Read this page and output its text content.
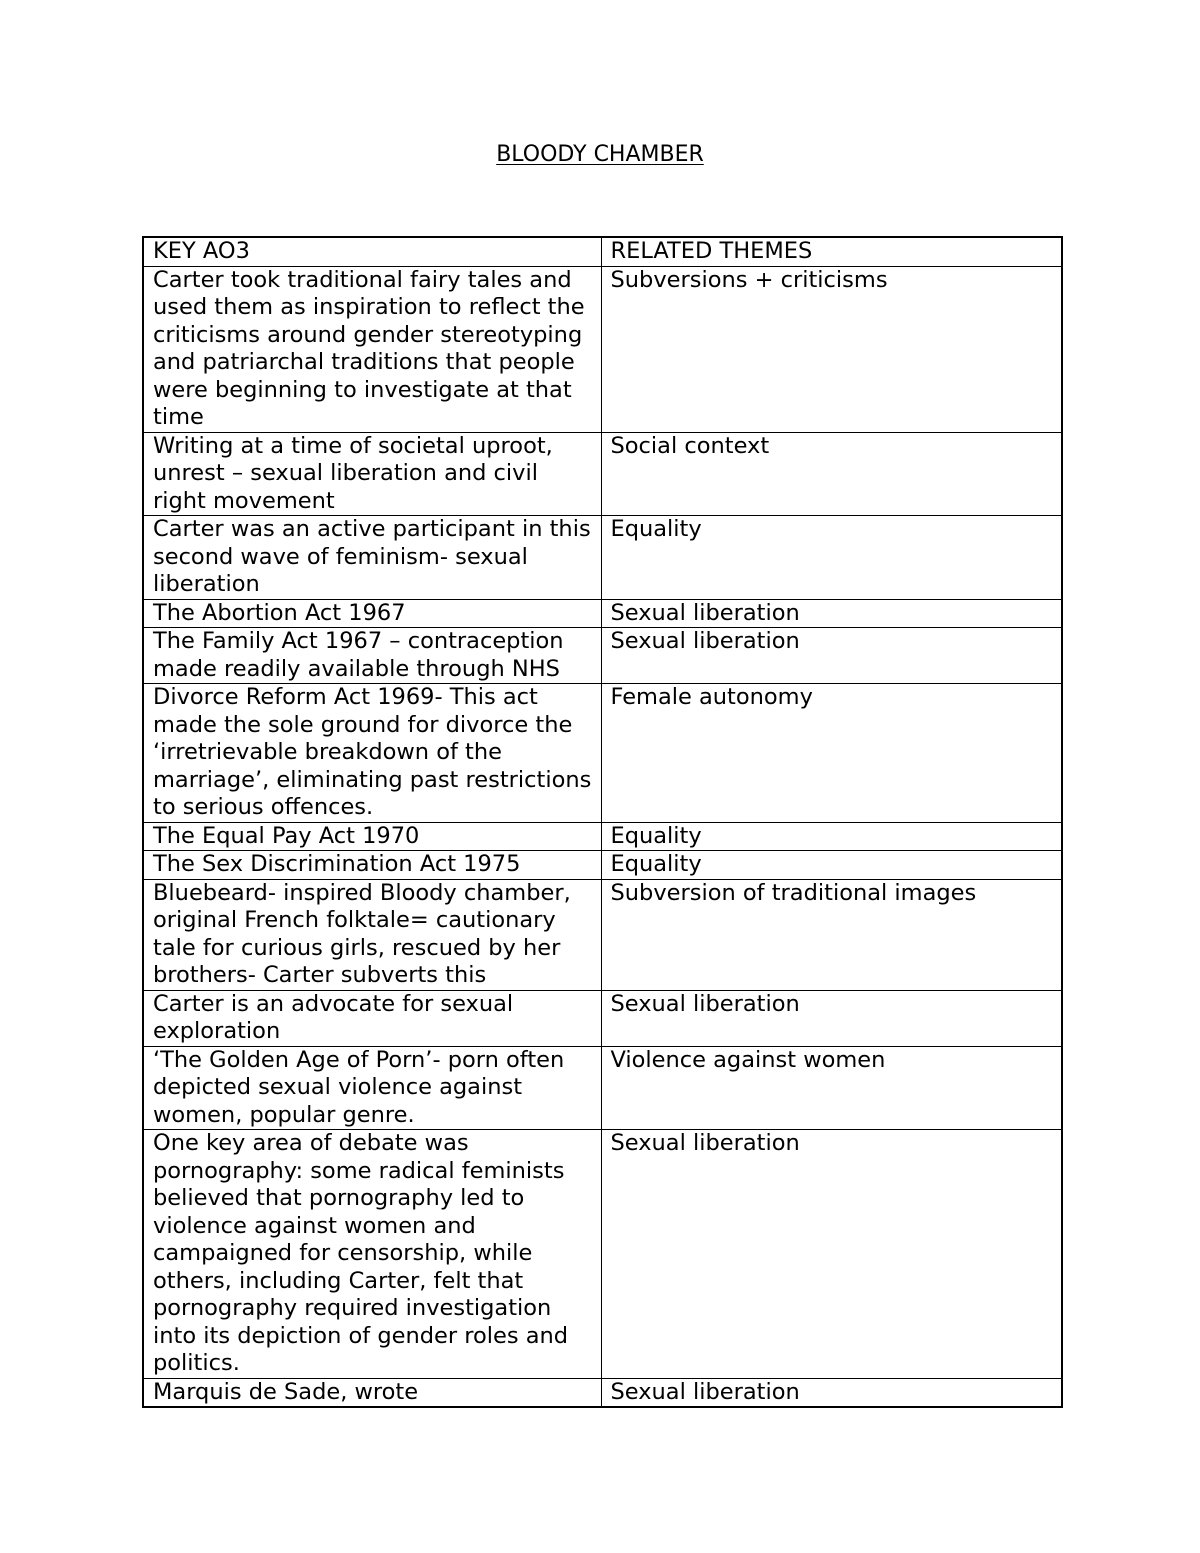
BLOODY CHAMBER
KEY AO3	RELATED THEMES
Carter took traditional fairy tales and used them as inspiration to reflect the criticisms around gender stereotyping and patriarchal traditions that people were beginning to investigate at that time	Subversions + criticisms
Writing at a time of societal uproot, unrest – sexual liberation and civil right movement	Social context
Carter was an active participant in this second wave of feminism- sexual liberation	Equality
The Abortion Act 1967	Sexual liberation
The Family Act 1967 – contraception made readily available through NHS	Sexual liberation
Divorce Reform Act 1969- This act made the sole ground for divorce the ‘irretrievable breakdown of the marriage’, eliminating past restrictions to serious offences.	Female autonomy
The Equal Pay Act 1970	Equality
The Sex Discrimination Act 1975	Equality
Bluebeard- inspired Bloody chamber, original French folktale= cautionary tale for curious girls, rescued by her brothers- Carter subverts this	Subversion of traditional images
Carter is an advocate for sexual exploration	Sexual liberation
‘The Golden Age of Porn’- porn often depicted sexual violence against women, popular genre.	Violence against women
One key area of debate was pornography: some radical feminists believed that pornography led to violence against women and campaigned for censorship, while others, including Carter, felt that pornography required investigation into its depiction of gender roles and politics.	Sexual liberation
Marquis de Sade, wrote	Sexual liberation
